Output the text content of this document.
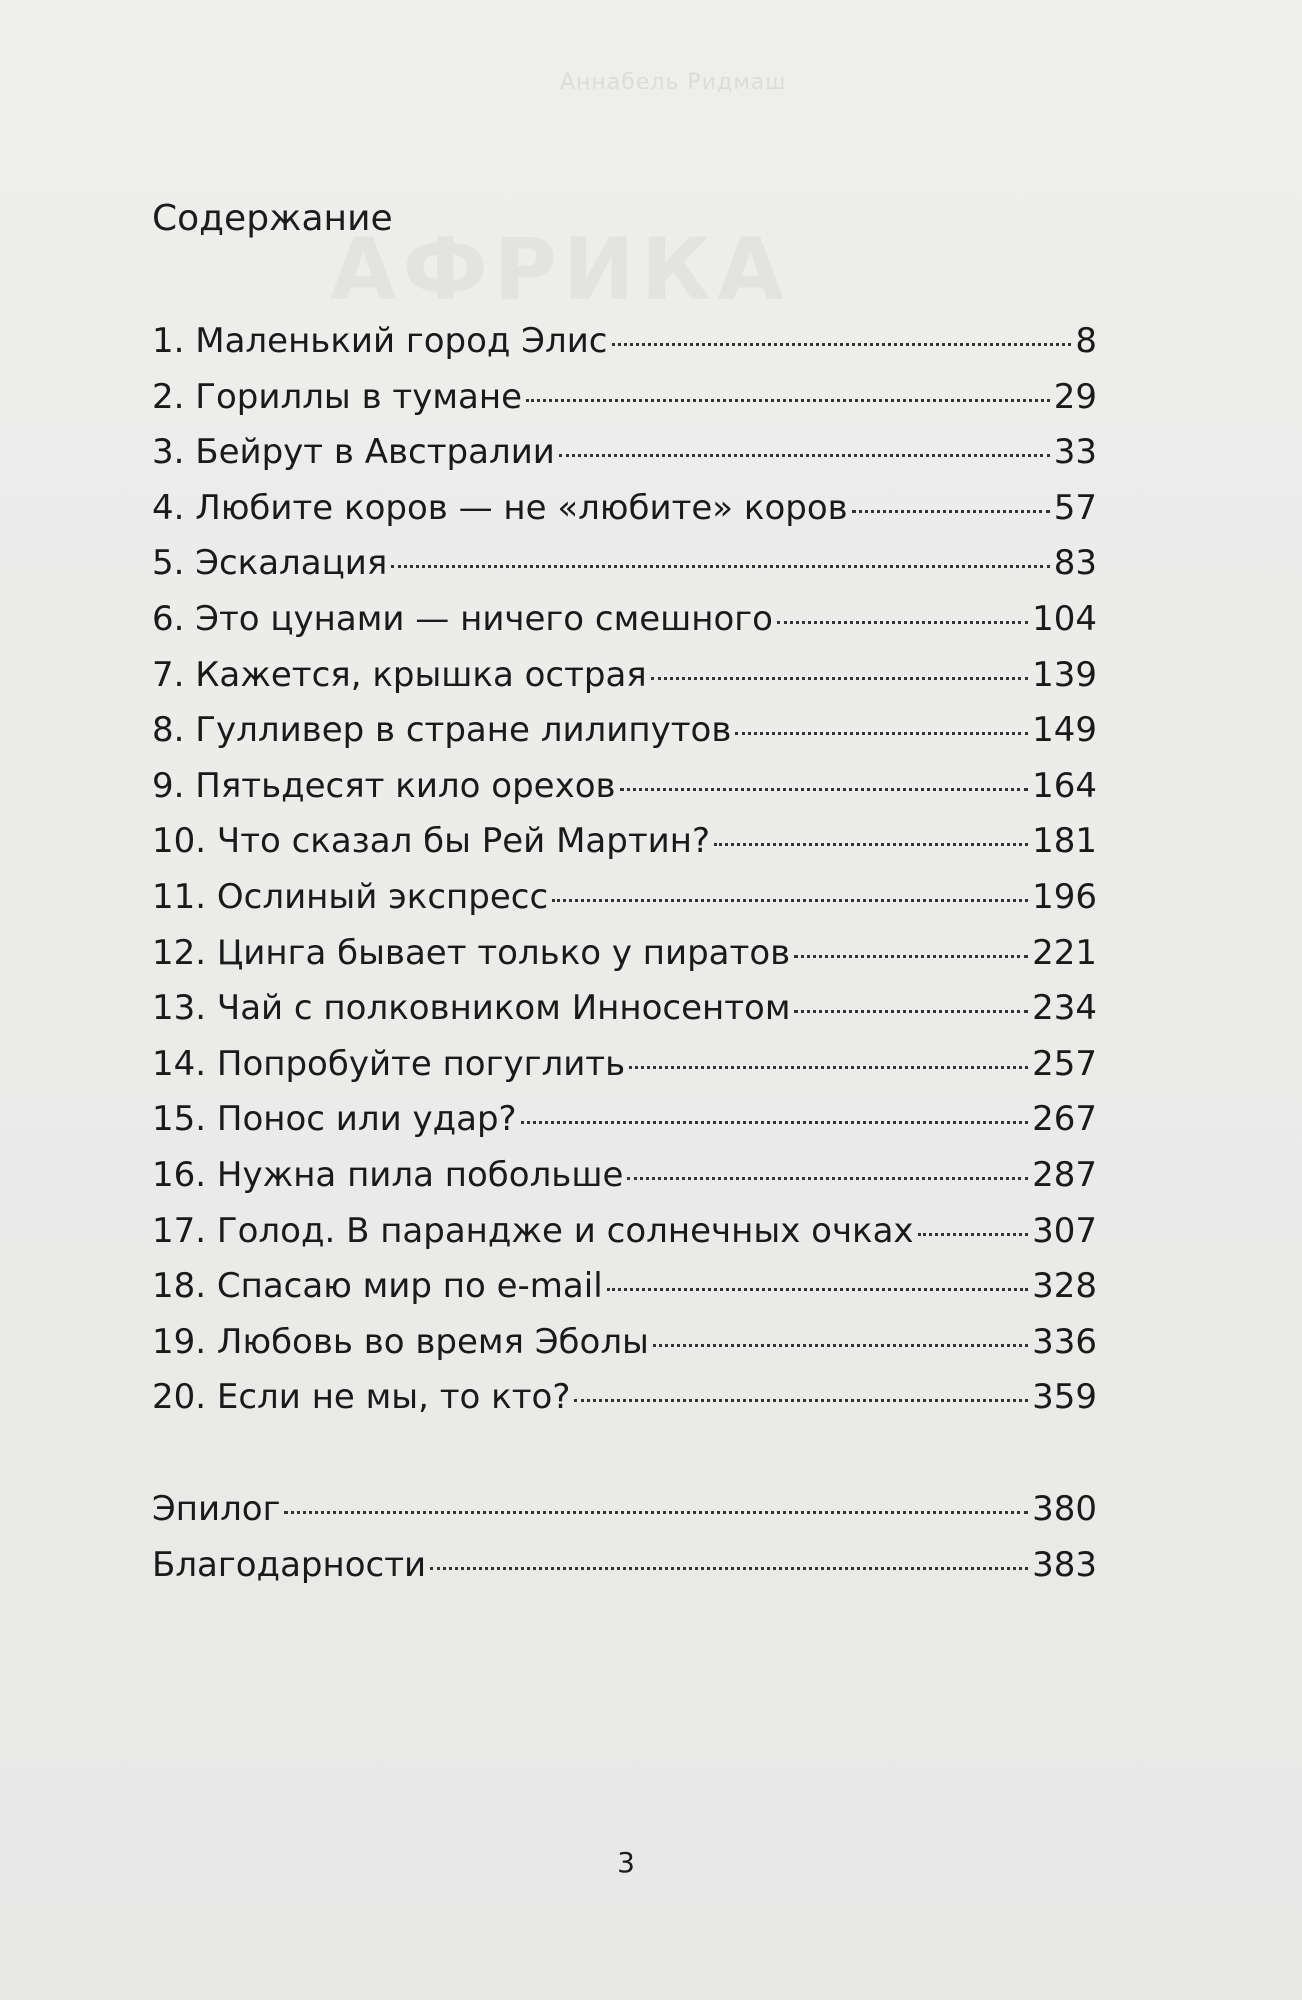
Аннабель Ридмаш
АФРИКА
Содержание
1. Маленький город Элис	8
2. Гориллы в тумане	29
3. Бейрут в Австралии	33
4. Любите коров — не «любите» коров	57
5. Эскалация	83
6. Это цунами — ничего смешного	104
7. Кажется, крышка острая	139
8. Гулливер в стране лилипутов	149
9. Пятьдесят кило орехов	164
10. Что сказал бы Рей Мартин?	181
11. Ослиный экспресс	196
12. Цинга бывает только у пиратов	221
13. Чай с полковником Инносентом	234
14. Попробуйте погуглить	257
15. Понос или удар?	267
16. Нужна пила побольше	287
17. Голод. В парандже и солнечных очках	307
18. Спасаю мир по e-mail	328
19. Любовь во время Эболы	336
20. Если не мы, то кто?	359
Эпилог	380
Благодарности	383
3
